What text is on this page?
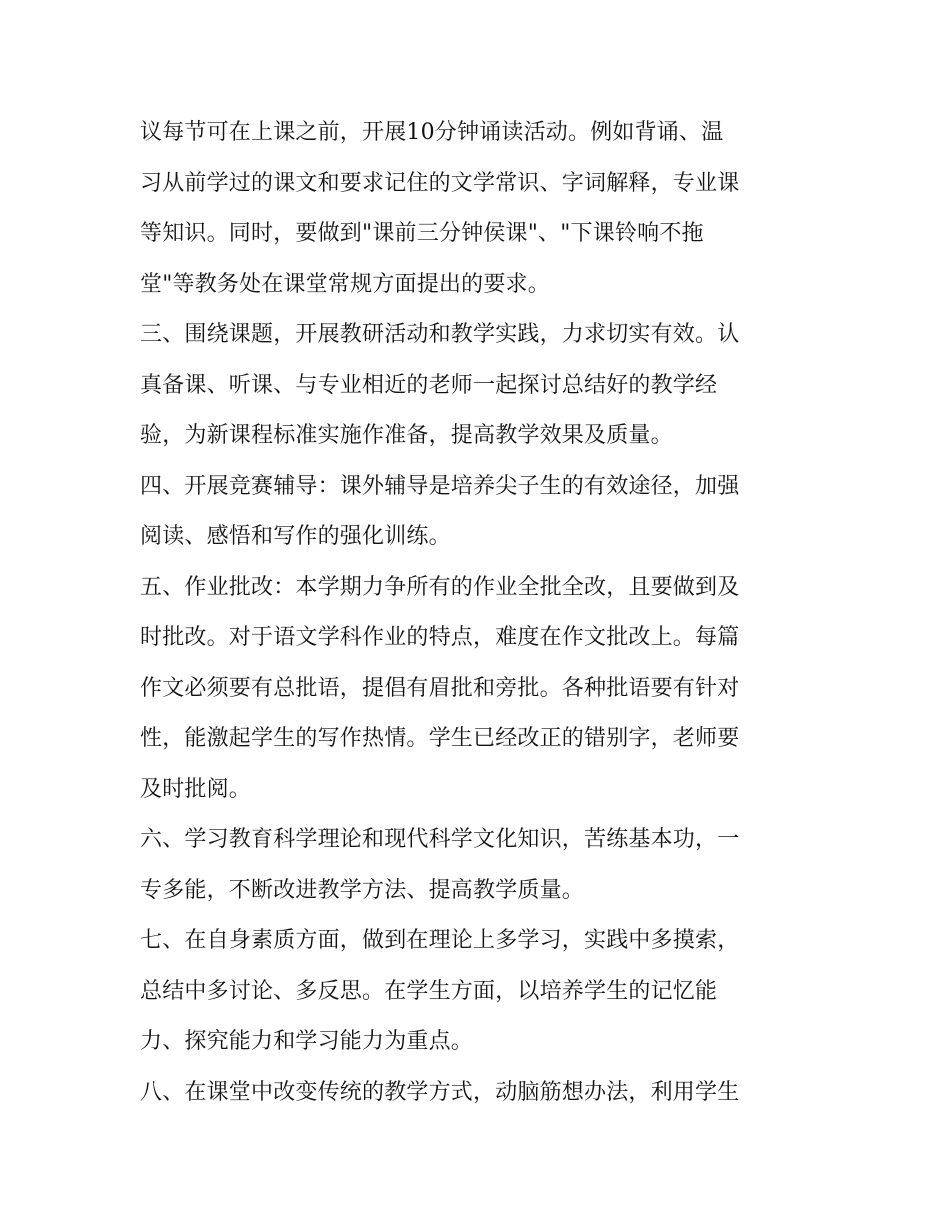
议每节可在上课之前，开展10分钟诵读活动。例如背诵、温
习从前学过的课文和要求记住的文学常识、字词解释，专业课
等知识。同时，要做到"课前三分钟侯课"、"下课铃响不拖
堂"等教务处在课堂常规方面提出的要求。
三、围绕课题，开展教研活动和教学实践，力求切实有效。认
真备课、听课、与专业相近的老师一起探讨总结好的教学经
验，为新课程标准实施作准备，提高教学效果及质量。
四、开展竞赛辅导：课外辅导是培养尖子生的有效途径，加强
阅读、感悟和写作的强化训练。
五、作业批改：本学期力争所有的作业全批全改，且要做到及
时批改。对于语文学科作业的特点，难度在作文批改上。每篇
作文必须要有总批语，提倡有眉批和旁批。各种批语要有针对
性，能激起学生的写作热情。学生已经改正的错别字，老师要
及时批阅。
六、学习教育科学理论和现代科学文化知识，苦练基本功，一
专多能，不断改进教学方法、提高教学质量。
七、在自身素质方面，做到在理论上多学习，实践中多摸索，
总结中多讨论、多反思。在学生方面，以培养学生的记忆能
力、探究能力和学习能力为重点。
八、在课堂中改变传统的教学方式，动脑筋想办法，利用学生
